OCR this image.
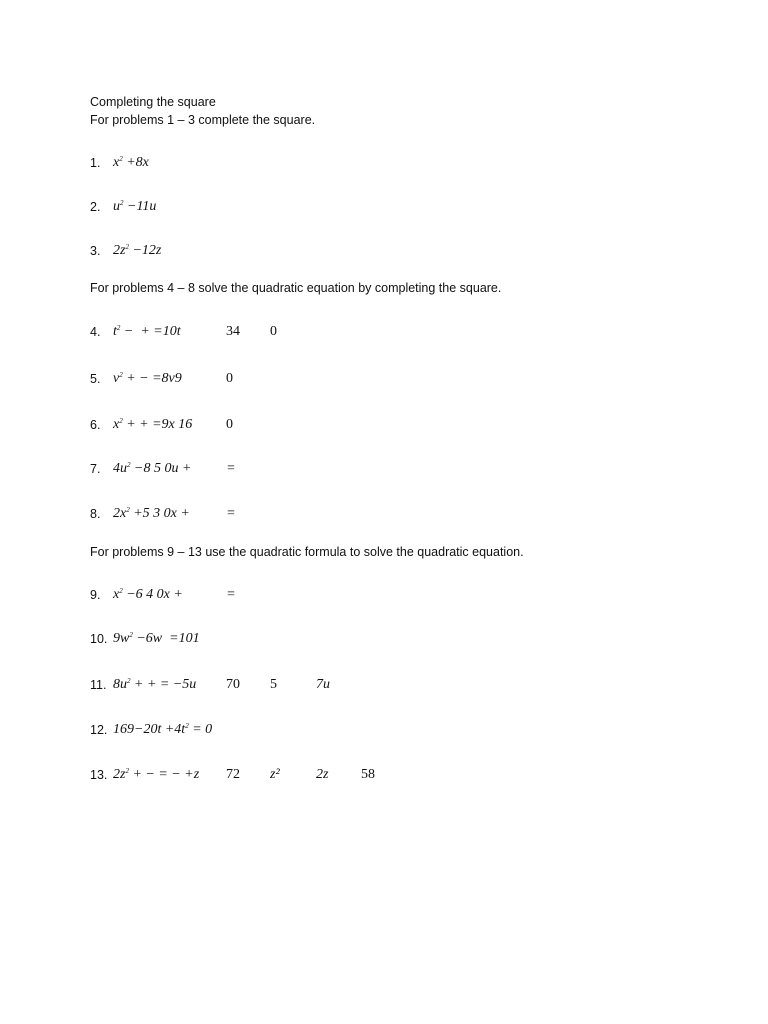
Completing the square
For problems 1 – 3 complete the square.
1. $x^2 +8x$
2. $u^2 -11u$
3. $2z^2 -12z$
For problems 4 – 8 solve the quadratic equation by completing the square.
4. $t^2$ −  + =10t	34 0
5. $v^2$ + − =8v9	0
6. $x^2$ + + =9x 16 0
7. $4u^2 -8$ 5 0u +	=
8. $2x^2 +5$ 3 0x +	=
For problems 9 – 13 use the quadratic formula to solve the quadratic equation.
9. $x^2 -6$ 4 0x +	=
10. $9w^2 -6w =101$
11. $8u^2$ + + = −5u 70 5	7u
12. $169-20t +4t^2 = 0$
13. $2z^2$ + − = − +z 72 z²	2z 58
